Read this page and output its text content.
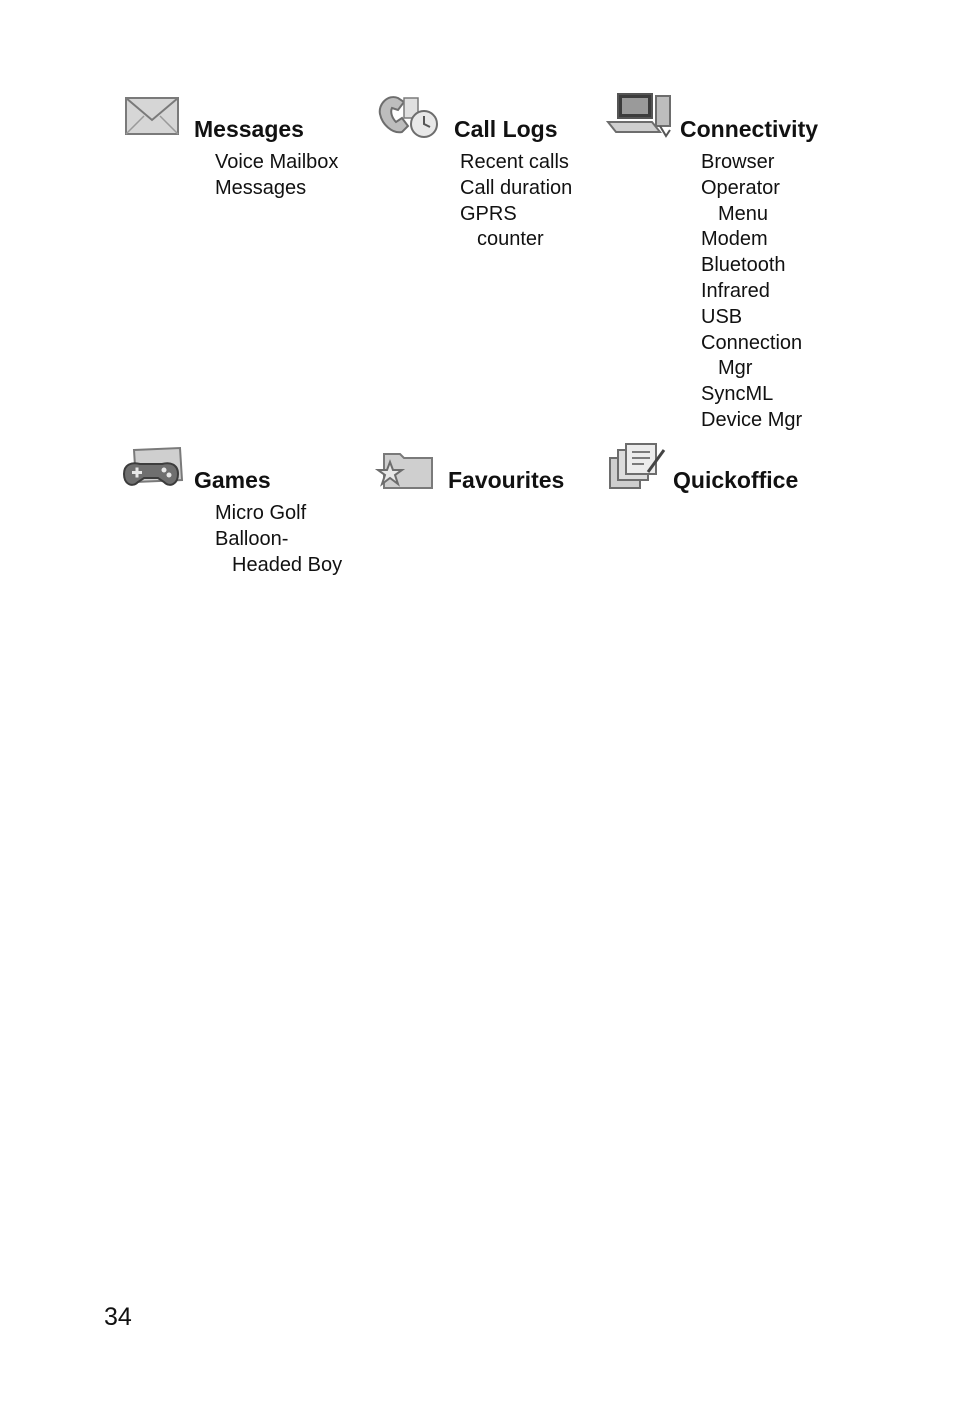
Messages
Voice Mailbox
Messages
Call Logs
Recent calls
Call duration
GPRS
counter
Connectivity
Browser
Operator
Menu
Modem
Bluetooth
Infrared
USB
Connection
Mgr
SyncML
Device Mgr
Games
Micro Golf
Balloon-
Headed Boy
Favourites	Quickoffice
34
